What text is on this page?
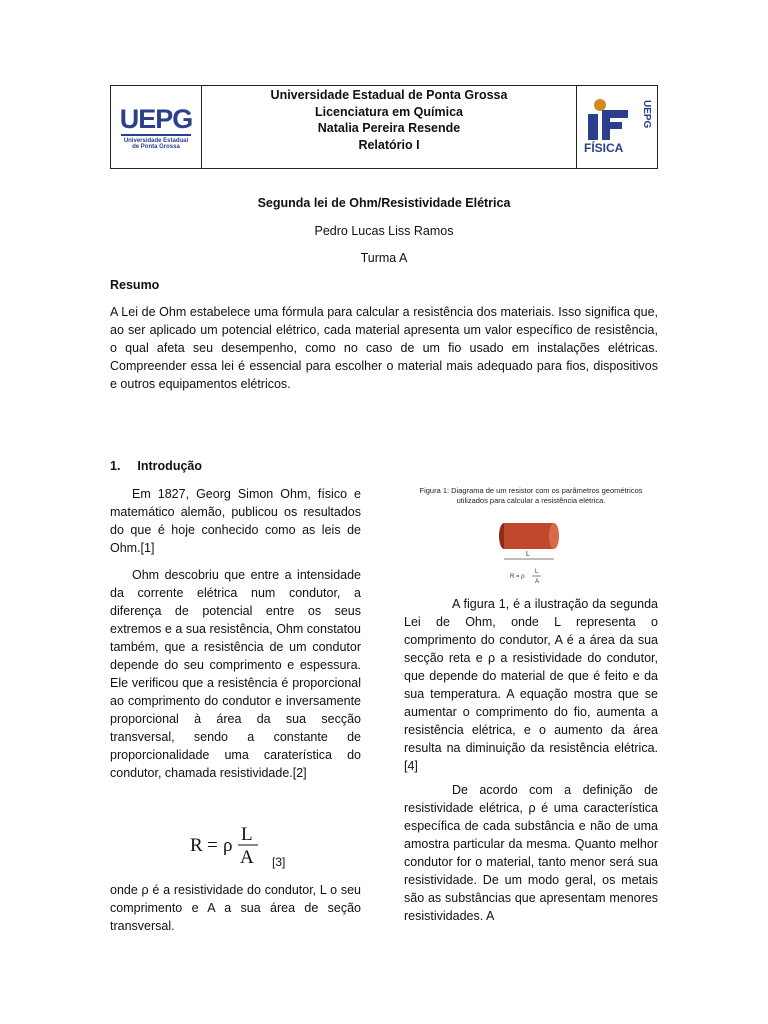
UEPG
Universidade Estadual
de Ponta Grossa
Universidade Estadual de Ponta Grossa
Licenciatura em Química
Natalia Pereira Resende
Relatório I	FÍSICA
UEPG
Segunda lei de Ohm/Resistividade Elétrica
Pedro Lucas Liss Ramos
Turma A
Resumo
A Lei de Ohm estabelece uma fórmula para calcular a resistência dos materiais. Isso significa que, ao ser aplicado um potencial elétrico, cada material apresenta um valor específico de resistência, o qual afeta seu desempenho, como no caso de um fio usado em instalações elétricas. Compreender essa lei é essencial para escolher o material mais adequado para fios, dispositivos e outros equipamentos elétricos.
1. Introdução
Em 1827, Georg Simon Ohm, físico e matemático alemão, publicou os resultados do que é hoje conhecido como as leis de Ohm.[1]
Ohm descobriu que entre a intensidade da corrente elétrica num condutor, a diferença de potencial entre os seus extremos e a sua resistência, Ohm constatou também, que a resistência de um condutor depende do seu comprimento e espessura. Ele verificou que a resistência é proporcional ao comprimento do condutor e inversamente proporcional à área da sua secção transversal, sendo a constante de proporcionalidade uma caraterística do condutor, chamada resistividade.[2]
R = ρ
L
A [3]
onde ρ é a resistividade do condutor, L o seu comprimento e A a sua área de seção transversal.
Figura 1: Diagrama de um resistor com os parâmetros geométricos utilizados para calcular a resistência elétrica.
L
R = ρ
L
A
A figura 1, é a ilustração da segunda Lei de Ohm, onde L representa o comprimento do condutor, A é a área da sua secção reta e ρ a resistividade do condutor, que depende do material de que é feito e da sua temperatura. A equação mostra que se aumentar o comprimento do fio, aumenta a resistência elétrica, e o aumento da área resulta na diminuição da resistência elétrica.[4]
De acordo com a definição de resistividade elétrica, ρ é uma característica específica de cada substância e não de uma amostra particular da mesma. Quanto melhor condutor for o material, tanto menor será sua resistividade. De um modo geral, os metais são as substâncias que apresentam menores resistividades. A
